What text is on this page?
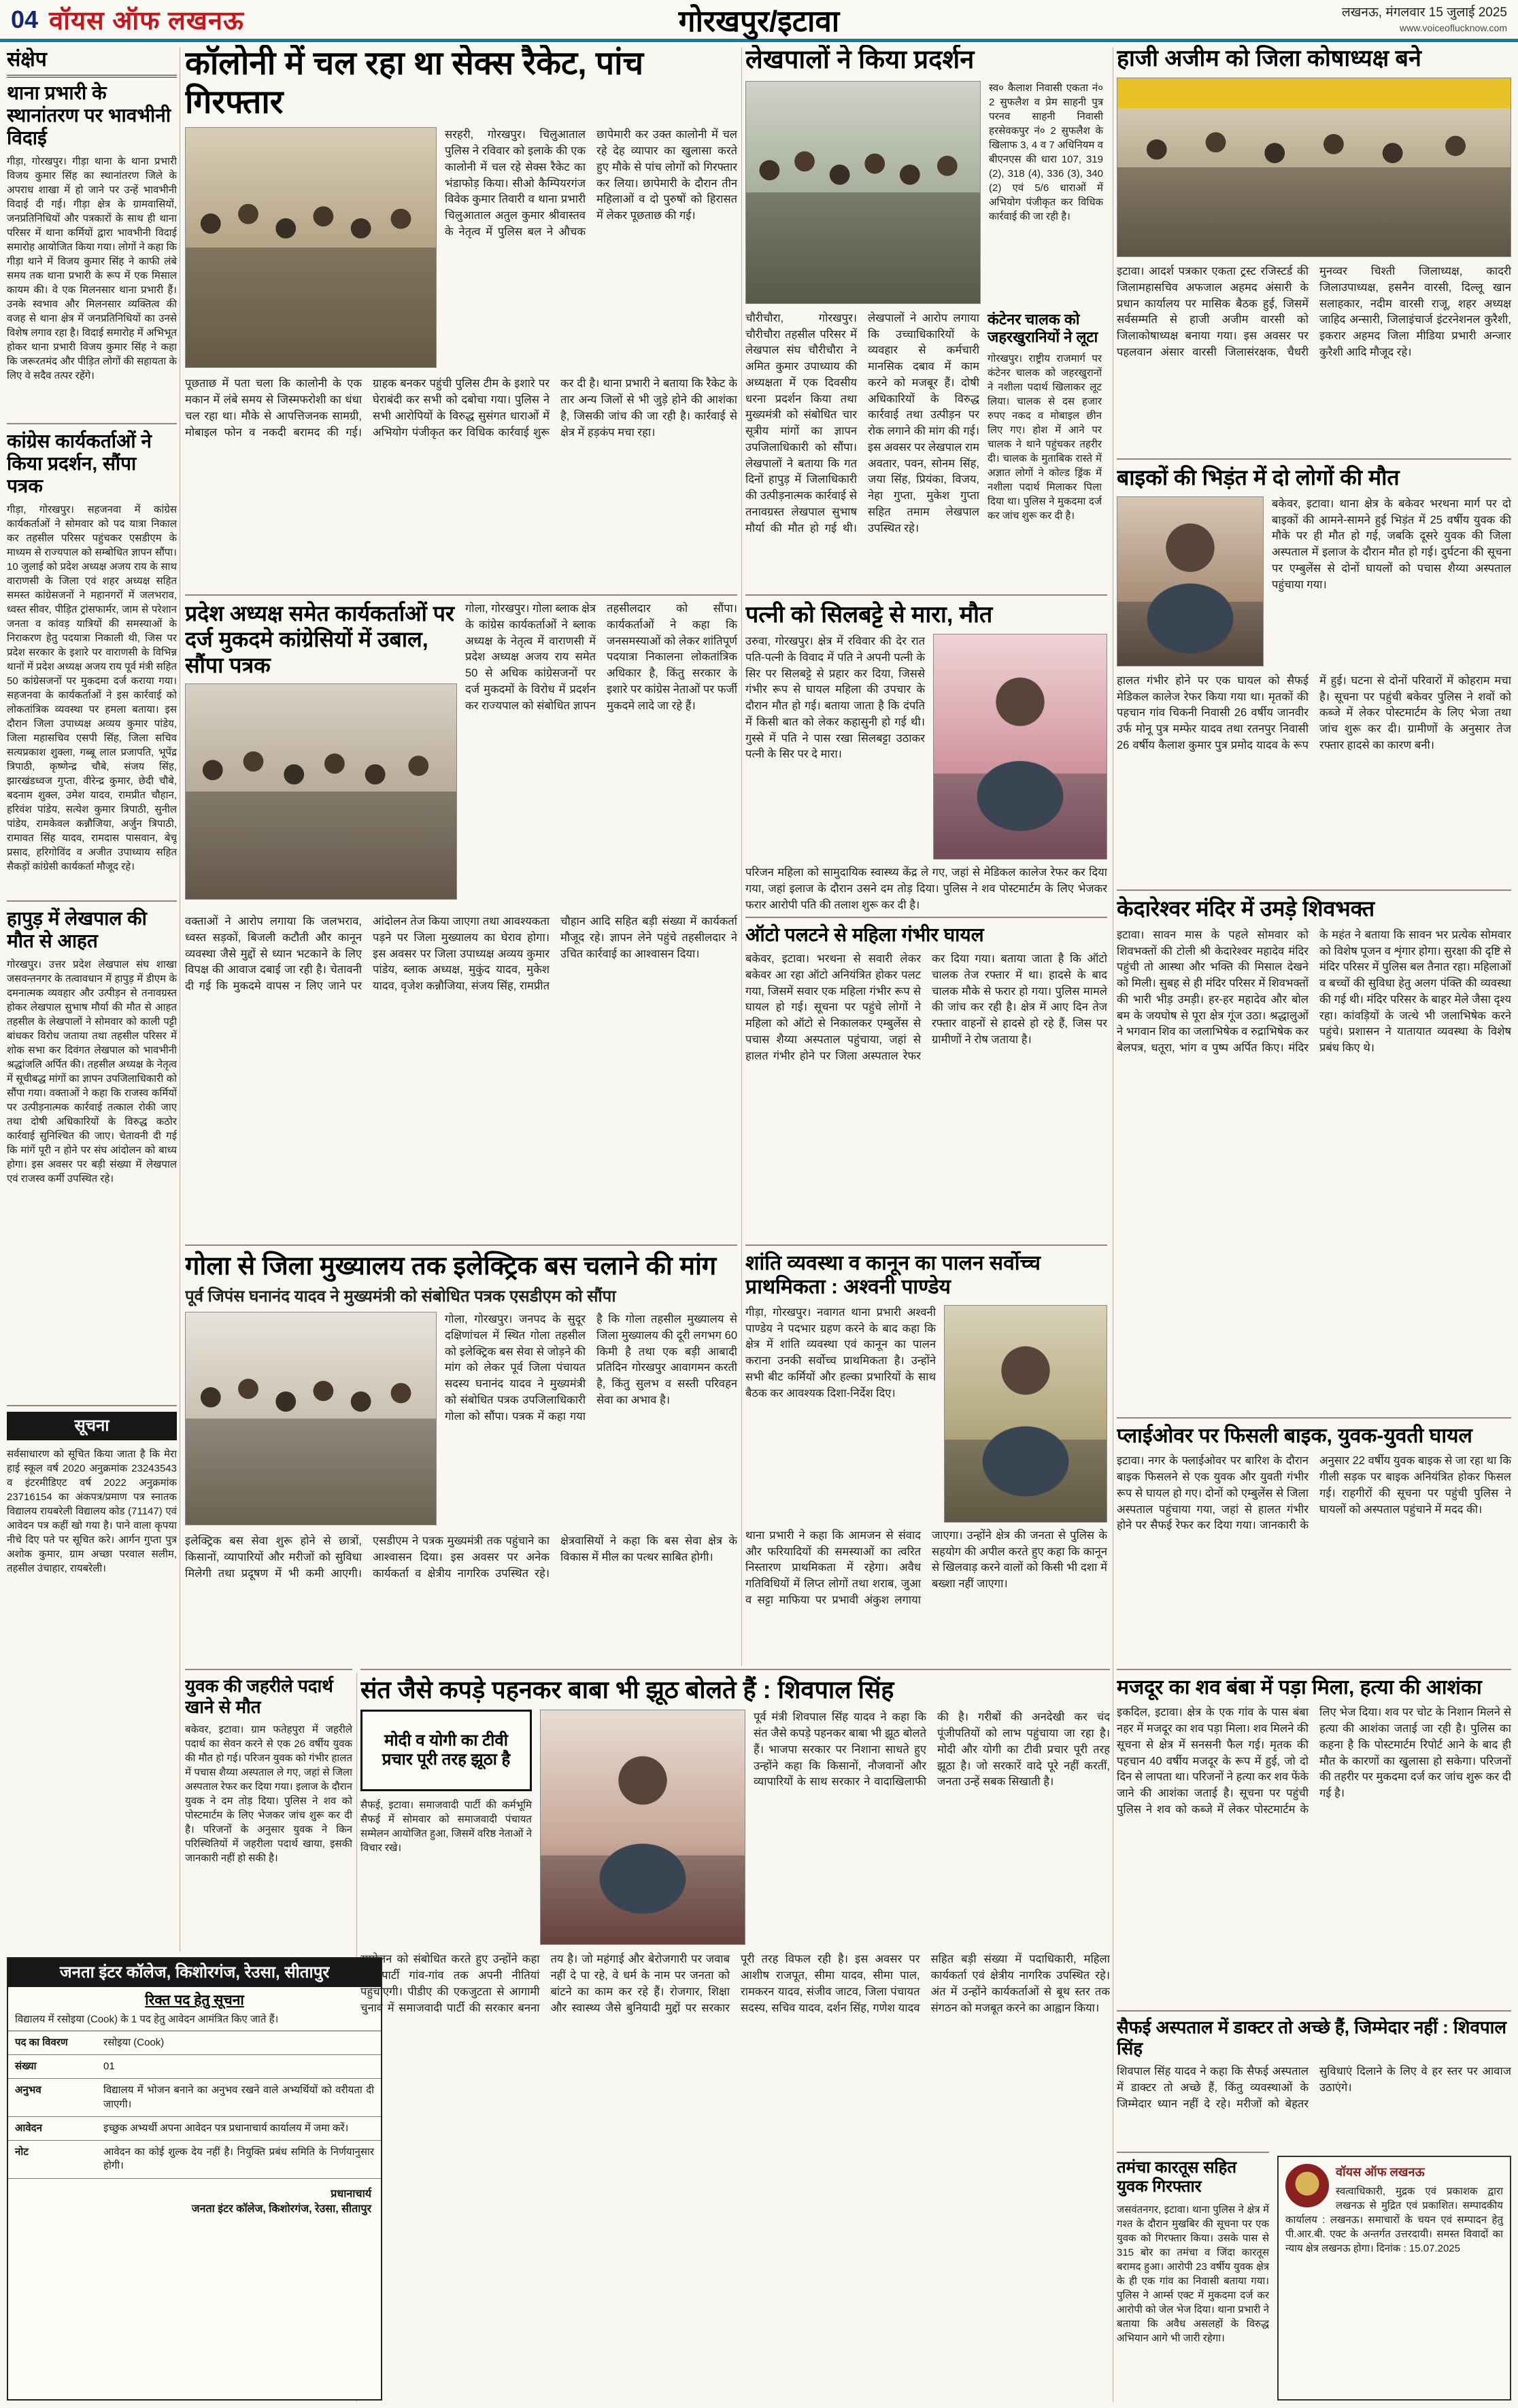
04 वॉयस ऑफ लखनऊ	गोरखपुर/इटावा	लखनऊ, मंगलवार 15 जुलाई 2025
www.voiceoflucknow.com
संक्षेप
थाना प्रभारी के स्थानांतरण पर भावभीनी विदाई
गीड़ा, गोरखपुर। गीड़ा थाना के थाना प्रभारी विजय कुमार सिंह का स्थानांतरण जिले के अपराध शाखा में हो जाने पर उन्हें भावभीनी विदाई दी गई। गीड़ा क्षेत्र के ग्रामवासियों, जनप्रतिनिधियों और पत्रकारों के साथ ही थाना परिसर में थाना कर्मियों द्वारा भावभीनी विदाई समारोह आयोजित किया गया। लोगों ने कहा कि गीड़ा थाने में विजय कुमार सिंह ने काफी लंबे समय तक थाना प्रभारी के रूप में एक मिसाल कायम की। वे एक मिलनसार थाना प्रभारी हैं। उनके स्वभाव और मिलनसार व्यक्तित्व की वजह से थाना क्षेत्र में जनप्रतिनिधियों का उनसे विशेष लगाव रहा है। विदाई समारोह में अभिभूत होकर थाना प्रभारी विजय कुमार सिंह ने कहा कि जरूरतमंद और पीड़ित लोगों की सहायता के लिए वे सदैव तत्पर रहेंगे।
कांग्रेस कार्यकर्ताओं ने किया प्रदर्शन, सौंपा पत्रक
गीड़ा, गोरखपुर। सहजनवा में कांग्रेस कार्यकर्ताओं ने सोमवार को पद यात्रा निकाल कर तहसील परिसर पहुंचकर एसडीएम के माध्यम से राज्यपाल को सम्बोधित ज्ञापन सौंपा। 10 जुलाई को प्रदेश अध्यक्ष अजय राय के साथ वाराणसी के जिला एवं शहर अध्यक्ष सहित समस्त कांग्रेसजनों ने महानगरों में जलभराव, ध्वस्त सीवर, पीड़ित ट्रांसफार्मर, जाम से परेशान जनता व कांवड़ यात्रियों की समस्याओं के निराकरण हेतु पदयात्रा निकाली थी, जिस पर प्रदेश सरकार के इशारे पर वाराणसी के विभिन्न थानों में प्रदेश अध्यक्ष अजय राय पूर्व मंत्री सहित 50 कांग्रेसजनों पर मुकदमा दर्ज कराया गया। सहजनवा के कार्यकर्ताओं ने इस कार्रवाई को लोकतांत्रिक व्यवस्था पर हमला बताया। इस दौरान जिला उपाध्यक्ष अव्यय कुमार पांडेय, जिला महासचिव एसपी सिंह, जिला सचिव सत्यप्रकाश शुक्ला, गब्बू लाल प्रजापति, भूपेंद्र त्रिपाठी, कृष्णेन्द्र चौबे, संजय सिंह, झारखंडध्वज गुप्ता, वीरेन्द्र कुमार, छेदी चौबे, बदनाम शुक्ल, उमेश यादव, रामप्रीत चौहान, हरिवंश पांडेय, सत्येश कुमार त्रिपाठी, सुनील पांडेय, रामकेवल कन्नौजिया, अर्जुन त्रिपाठी, रामावत सिंह यादव, रामदास पासवान, बेचू प्रसाद, हरिगोविंद व अजीत उपाध्याय सहित सैकड़ों कांग्रेसी कार्यकर्ता मौजूद रहे।
हापुड़ में लेखपाल की मौत से आहत
गोरखपुर। उत्तर प्रदेश लेखपाल संघ शाखा जसवन्तनगर के तत्वावधान में हापुड़ में डीएम के दमनात्मक व्यवहार और उत्पीड़न से तनावग्रस्त होकर लेखपाल सुभाष मौर्या की मौत से आहत तहसील के लेखपालों ने सोमवार को काली पट्टी बांधकर विरोध जताया तथा तहसील परिसर में शोक सभा कर दिवंगत लेखपाल को भावभीनी श्रद्धांजलि अर्पित की। तहसील अध्यक्ष के नेतृत्व में सूचीबद्ध मांगों का ज्ञापन उपजिलाधिकारी को सौंपा गया। वक्ताओं ने कहा कि राजस्व कर्मियों पर उत्पीड़नात्मक कार्रवाई तत्काल रोकी जाए तथा दोषी अधिकारियों के विरुद्ध कठोर कार्रवाई सुनिश्चित की जाए। चेतावनी दी गई कि मांगें पूरी न होने पर संघ आंदोलन को बाध्य होगा। इस अवसर पर बड़ी संख्या में लेखपाल एवं राजस्व कर्मी उपस्थित रहे।
सूचना
सर्वसाधारण को सूचित किया जाता है कि मेरा हाई स्कूल वर्ष 2020 अनुक्रमांक 23243543 व इंटरमीडिएट वर्ष 2022 अनुक्रमांक 23716154 का अंकपत्र/प्रमाण पत्र स्नातक विद्यालय रायबरेली विद्यालय कोड (71147) एवं आवेदन पत्र कहीं खो गया है। पाने वाला कृपया नीचे दिए पते पर सूचित करे। आर्गन गुप्ता पुत्र अशोक कुमार, ग्राम अच्छा परवाल सलीम, तहसील उंचाहार, रायबरेली।
जनता इंटर कॉलेज, किशोरगंज, रेउसा, सीतापुर
रिक्त पद हेतु सूचना
विद्यालय में रसोइया (Cook) के 1 पद हेतु आवेदन आमंत्रित किए जाते हैं।
पद का विवरण	रसोइया (Cook)
संख्या	01
अनुभव	विद्यालय में भोजन बनाने का अनुभव रखने वाले अभ्यर्थियों को वरीयता दी जाएगी।
आवेदन	इच्छुक अभ्यर्थी अपना आवेदन पत्र प्रधानाचार्य कार्यालय में जमा करें।
नोट	आवेदन का कोई शुल्क देय नहीं है। नियुक्ति प्रबंध समिति के निर्णयानुसार होगी।
प्रधानाचार्य
जनता इंटर कॉलेज, किशोरगंज, रेउसा, सीतापुर
कॉलोनी में चल रहा था सेक्स रैकेट, पांच गिरफ्तार
सरहरी, गोरखपुर। चिलुआताल पुलिस ने रविवार को इलाके की एक कालोनी में चल रहे सेक्स रैकेट का भंडाफोड़ किया। सीओ कैम्पियरगंज विवेक कुमार तिवारी व थाना प्रभारी चिलुआताल अतुल कुमार श्रीवास्तव के नेतृत्व में पुलिस बल ने औचक छापेमारी कर उक्त कालोनी में चल रहे देह व्यापार का खुलासा करते हुए मौके से पांच लोगों को गिरफ्तार कर लिया। छापेमारी के दौरान तीन महिलाओं व दो पुरुषों को हिरासत में लेकर पूछताछ की गई।
पूछताछ में पता चला कि कालोनी के एक मकान में लंबे समय से जिस्मफरोशी का धंधा चल रहा था। मौके से आपत्तिजनक सामग्री, मोबाइल फोन व नकदी बरामद की गई। ग्राहक बनकर पहुंची पुलिस टीम के इशारे पर घेराबंदी कर सभी को दबोचा गया। पुलिस ने सभी आरोपियों के विरुद्ध सुसंगत धाराओं में अभियोग पंजीकृत कर विधिक कार्रवाई शुरू कर दी है। थाना प्रभारी ने बताया कि रैकेट के तार अन्य जिलों से भी जुड़े होने की आशंका है, जिसकी जांच की जा रही है। कार्रवाई से क्षेत्र में हड़कंप मचा रहा।
प्रदेश अध्यक्ष समेत कार्यकर्ताओं पर दर्ज मुकदमे कांग्रेसियों में उबाल, सौंपा पत्रक
गोला, गोरखपुर। गोला ब्लाक क्षेत्र के कांग्रेस कार्यकर्ताओं ने ब्लाक अध्यक्ष के नेतृत्व में वाराणसी में प्रदेश अध्यक्ष अजय राय समेत 50 से अधिक कांग्रेसजनों पर दर्ज मुकदमों के विरोध में प्रदर्शन कर राज्यपाल को संबोधित ज्ञापन तहसीलदार को सौंपा। कार्यकर्ताओं ने कहा कि जनसमस्याओं को लेकर शांतिपूर्ण पदयात्रा निकालना लोकतांत्रिक अधिकार है, किंतु सरकार के इशारे पर कांग्रेस नेताओं पर फर्जी मुकदमे लादे जा रहे हैं।
वक्ताओं ने आरोप लगाया कि जलभराव, ध्वस्त सड़कों, बिजली कटौती और कानून व्यवस्था जैसे मुद्दों से ध्यान भटकाने के लिए विपक्ष की आवाज दबाई जा रही है। चेतावनी दी गई कि मुकदमे वापस न लिए जाने पर आंदोलन तेज किया जाएगा तथा आवश्यकता पड़ने पर जिला मुख्यालय का घेराव होगा। इस अवसर पर जिला उपाध्यक्ष अव्यय कुमार पांडेय, ब्लाक अध्यक्ष, मुकुंद यादव, मुकेश यादव, वृजेश कन्नौजिया, संजय सिंह, रामप्रीत चौहान आदि सहित बड़ी संख्या में कार्यकर्ता मौजूद रहे। ज्ञापन लेने पहुंचे तहसीलदार ने उचित कार्रवाई का आश्वासन दिया।
गोला से जिला मुख्यालय तक इलेक्ट्रिक बस चलाने की मांग
पूर्व जिपंस घनानंद यादव ने मुख्यमंत्री को संबोधित पत्रक एसडीएम को सौंपा
गोला, गोरखपुर। जनपद के सुदूर दक्षिणांचल में स्थित गोला तहसील को इलेक्ट्रिक बस सेवा से जोड़ने की मांग को लेकर पूर्व जिला पंचायत सदस्य घनानंद यादव ने मुख्यमंत्री को संबोधित पत्रक उपजिलाधिकारी गोला को सौंपा। पत्रक में कहा गया है कि गोला तहसील मुख्यालय से जिला मुख्यालय की दूरी लगभग 60 किमी है तथा एक बड़ी आबादी प्रतिदिन गोरखपुर आवागमन करती है, किंतु सुलभ व सस्ती परिवहन सेवा का अभाव है।
इलेक्ट्रिक बस सेवा शुरू होने से छात्रों, किसानों, व्यापारियों और मरीजों को सुविधा मिलेगी तथा प्रदूषण में भी कमी आएगी। एसडीएम ने पत्रक मुख्यमंत्री तक पहुंचाने का आश्वासन दिया। इस अवसर पर अनेक कार्यकर्ता व क्षेत्रीय नागरिक उपस्थित रहे। क्षेत्रवासियों ने कहा कि बस सेवा क्षेत्र के विकास में मील का पत्थर साबित होगी।
युवक की जहरीले पदार्थ खाने से मौत
बकेवर, इटावा। ग्राम फतेहपुरा में जहरीले पदार्थ का सेवन करने से एक 26 वर्षीय युवक की मौत हो गई। परिजन युवक को गंभीर हालत में पचास शैय्या अस्पताल ले गए, जहां से जिला अस्पताल रेफर कर दिया गया। इलाज के दौरान युवक ने दम तोड़ दिया। पुलिस ने शव को पोस्टमार्टम के लिए भेजकर जांच शुरू कर दी है। परिजनों के अनुसार युवक ने किन परिस्थितियों में जहरीला पदार्थ खाया, इसकी जानकारी नहीं हो सकी है।
संत जैसे कपड़े पहनकर बाबा भी झूठ बोलते हैं : शिवपाल सिंह
मोदी व योगी का टीवी प्रचार पूरी तरह झूठा है
सैफई, इटावा। समाजवादी पार्टी की कर्मभूमि सैफई में सोमवार को समाजवादी पंचायत सम्मेलन आयोजित हुआ, जिसमें वरिष्ठ नेताओं ने विचार रखे।
पूर्व मंत्री शिवपाल सिंह यादव ने कहा कि संत जैसे कपड़े पहनकर बाबा भी झूठ बोलते हैं। भाजपा सरकार पर निशाना साधते हुए उन्होंने कहा कि किसानों, नौजवानों और व्यापारियों के साथ सरकार ने वादाखिलाफी की है। गरीबों की अनदेखी कर चंद पूंजीपतियों को लाभ पहुंचाया जा रहा है। मोदी और योगी का टीवी प्रचार पूरी तरह झूठा है। जो सरकारें वादे पूरे नहीं करतीं, जनता उन्हें सबक सिखाती है।
सम्मेलन को संबोधित करते हुए उन्होंने कहा कि पार्टी गांव-गांव तक अपनी नीतियां पहुंचाएगी। पीडीए की एकजुटता से आगामी चुनाव में समाजवादी पार्टी की सरकार बनना तय है। जो महंगाई और बेरोजगारी पर जवाब नहीं दे पा रहे, वे धर्म के नाम पर जनता को बांटने का काम कर रहे हैं। रोजगार, शिक्षा और स्वास्थ्य जैसे बुनियादी मुद्दों पर सरकार पूरी तरह विफल रही है। इस अवसर पर आशीष राजपूत, सीमा यादव, सीमा पाल, रामकरन यादव, संजीव जाटव, जिला पंचायत सदस्य, सचिव यादव, दर्शन सिंह, गणेश यादव सहित बड़ी संख्या में पदाधिकारी, महिला कार्यकर्ता एवं क्षेत्रीय नागरिक उपस्थित रहे। अंत में उन्होंने कार्यकर्ताओं से बूथ स्तर तक संगठन को मजबूत करने का आह्वान किया।
लेखपालों ने किया प्रदर्शन
स्व० कैलाश निवासी एकता नं० 2 सुफलैश व प्रेम साहनी पुत्र परनव साहनी निवासी हरसेवकपुर नं० 2 सुफलैश के खिलाफ 3, 4 व 7 अधिनियम व बीएनएस की धारा 107, 319 (2), 318 (4), 336 (3), 340 (2) एवं 5/6 धाराओं में अभियोग पंजीकृत कर विधिक कार्रवाई की जा रही है।
चौरीचौरा, गोरखपुर। चौरीचौरा तहसील परिसर में लेखपाल संघ चौरीचौरा ने अमित कुमार उपाध्याय की अध्यक्षता में एक दिवसीय धरना प्रदर्शन किया तथा मुख्यमंत्री को संबोधित चार सूत्रीय मांगों का ज्ञापन उपजिलाधिकारी को सौंपा। लेखपालों ने बताया कि गत दिनों हापुड़ में जिलाधिकारी की उत्पीड़नात्मक कार्रवाई से तनावग्रस्त लेखपाल सुभाष मौर्या की मौत हो गई थी। लेखपालों ने आरोप लगाया कि उच्चाधिकारियों के व्यवहार से कर्मचारी मानसिक दबाव में काम करने को मजबूर हैं। दोषी अधिकारियों के विरुद्ध कार्रवाई तथा उत्पीड़न पर रोक लगाने की मांग की गई। इस अवसर पर लेखपाल राम अवतार, पवन, सोनम सिंह, जया सिंह, प्रियंका, विजय, नेहा गुप्ता, मुकेश गुप्ता सहित तमाम लेखपाल उपस्थित रहे।
कंटेनर चालक को जहरखुरानियों ने लूटा
गोरखपुर। राष्ट्रीय राजमार्ग पर कंटेनर चालक को जहरखुरानों ने नशीला पदार्थ खिलाकर लूट लिया। चालक से दस हजार रुपए नकद व मोबाइल छीन लिए गए। होश में आने पर चालक ने थाने पहुंचकर तहरीर दी। चालक के मुताबिक रास्ते में अज्ञात लोगों ने कोल्ड ड्रिंक में नशीला पदार्थ मिलाकर पिला दिया था। पुलिस ने मुकदमा दर्ज कर जांच शुरू कर दी है।
पत्नी को सिलबट्टे से मारा, मौत
उरुवा, गोरखपुर। क्षेत्र में रविवार की देर रात पति-पत्नी के विवाद में पति ने अपनी पत्नी के सिर पर सिलबट्टे से प्रहार कर दिया, जिससे गंभीर रूप से घायल महिला की उपचार के दौरान मौत हो गई। बताया जाता है कि दंपति में किसी बात को लेकर कहासुनी हो गई थी। गुस्से में पति ने पास रखा सिलबट्टा उठाकर पत्नी के सिर पर दे मारा।
परिजन महिला को सामुदायिक स्वास्थ्य केंद्र ले गए, जहां से मेडिकल कालेज रेफर कर दिया गया, जहां इलाज के दौरान उसने दम तोड़ दिया। पुलिस ने शव पोस्टमार्टम के लिए भेजकर फरार आरोपी पति की तलाश शुरू कर दी है।
ऑटो पलटने से महिला गंभीर घायल
बकेवर, इटावा। भरथना से सवारी लेकर बकेवर आ रहा ऑटो अनियंत्रित होकर पलट गया, जिसमें सवार एक महिला गंभीर रूप से घायल हो गई। सूचना पर पहुंचे लोगों ने महिला को ऑटो से निकालकर एम्बुलेंस से पचास शैय्या अस्पताल पहुंचाया, जहां से हालत गंभीर होने पर जिला अस्पताल रेफर कर दिया गया। बताया जाता है कि ऑटो चालक तेज रफ्तार में था। हादसे के बाद चालक मौके से फरार हो गया। पुलिस मामले की जांच कर रही है। क्षेत्र में आए दिन तेज रफ्तार वाहनों से हादसे हो रहे हैं, जिस पर ग्रामीणों ने रोष जताया है।
शांति व्यवस्था व कानून का पालन सर्वोच्च प्राथमिकता : अश्वनी पाण्डेय
गीड़ा, गोरखपुर। नवागत थाना प्रभारी अश्वनी पाण्डेय ने पदभार ग्रहण करने के बाद कहा कि क्षेत्र में शांति व्यवस्था एवं कानून का पालन कराना उनकी सर्वोच्च प्राथमिकता है। उन्होंने सभी बीट कर्मियों और हल्का प्रभारियों के साथ बैठक कर आवश्यक दिशा-निर्देश दिए।
थाना प्रभारी ने कहा कि आमजन से संवाद और फरियादियों की समस्याओं का त्वरित निस्तारण प्राथमिकता में रहेगा। अवैध गतिविधियों में लिप्त लोगों तथा शराब, जुआ व सट्टा माफिया पर प्रभावी अंकुश लगाया जाएगा। उन्होंने क्षेत्र की जनता से पुलिस के सहयोग की अपील करते हुए कहा कि कानून से खिलवाड़ करने वालों को किसी भी दशा में बख्शा नहीं जाएगा।
हाजी अजीम को जिला कोषाध्यक्ष बने
इटावा। आदर्श पत्रकार एकता ट्रस्ट रजिस्टर्ड की जिलामहासचिव अफजाल अहमद अंसारी के प्रधान कार्यालय पर मासिक बैठक हुई, जिसमें सर्वसम्मति से हाजी अजीम वारसी को जिलाकोषाध्यक्ष बनाया गया। इस अवसर पर पहलवान अंसार वारसी जिलासंरक्षक, चैधरी मुनव्वर चिश्ती जिलाध्यक्ष, कादरी जिलाउपाध्यक्ष, हसनैन वारसी, दिल्लू खान सलाहकार, नदीम वारसी राजू, शहर अध्यक्ष जाहिद अन्सारी, जिलाइंचार्ज इंटरनेशनल कुरैशी, इकरार अहमद जिला मीडिया प्रभारी अन्जार कुरैशी आदि मौजूद रहे।
बाइकों की भिड़ंत में दो लोगों की मौत
बकेवर, इटावा। थाना क्षेत्र के बकेवर भरथना मार्ग पर दो बाइकों की आमने-सामने हुई भिड़ंत में 25 वर्षीय युवक की मौके पर ही मौत हो गई, जबकि दूसरे युवक की जिला अस्पताल में इलाज के दौरान मौत हो गई। दुर्घटना की सूचना पर एम्बुलेंस से दोनों घायलों को पचास शैय्या अस्पताल पहुंचाया गया।
हालत गंभीर होने पर एक घायल को सैफई मेडिकल कालेज रेफर किया गया था। मृतकों की पहचान गांव चिकनी निवासी 26 वर्षीय जानवीर उर्फ मोनू पुत्र मम्फेर यादव तथा रतनपुर निवासी 26 वर्षीय कैलाश कुमार पुत्र प्रमोद यादव के रूप में हुई। घटना से दोनों परिवारों में कोहराम मचा है। सूचना पर पहुंची बकेवर पुलिस ने शवों को कब्जे में लेकर पोस्टमार्टम के लिए भेजा तथा जांच शुरू कर दी। ग्रामीणों के अनुसार तेज रफ्तार हादसे का कारण बनी।
केदारेश्वर मंदिर में उमड़े शिवभक्त
इटावा। सावन मास के पहले सोमवार को शिवभक्तों की टोली श्री केदारेश्वर महादेव मंदिर पहुंची तो आस्था और भक्ति की मिसाल देखने को मिली। सुबह से ही मंदिर परिसर में शिवभक्तों की भारी भीड़ उमड़ी। हर-हर महादेव और बोल बम के जयघोष से पूरा क्षेत्र गूंज उठा। श्रद्धालुओं ने भगवान शिव का जलाभिषेक व रुद्राभिषेक कर बेलपत्र, धतूरा, भांग व पुष्प अर्पित किए। मंदिर के महंत ने बताया कि सावन भर प्रत्येक सोमवार को विशेष पूजन व शृंगार होगा। सुरक्षा की दृष्टि से मंदिर परिसर में पुलिस बल तैनात रहा। महिलाओं व बच्चों की सुविधा हेतु अलग पंक्ति की व्यवस्था की गई थी। मंदिर परिसर के बाहर मेले जैसा दृश्य रहा। कांवड़ियों के जत्थे भी जलाभिषेक करने पहुंचे। प्रशासन ने यातायात व्यवस्था के विशेष प्रबंध किए थे।
प्लाईओवर पर फिसली बाइक, युवक-युवती घायल
इटावा। नगर के फ्लाईओवर पर बारिश के दौरान बाइक फिसलने से एक युवक और युवती गंभीर रूप से घायल हो गए। द‍ोनों को एम्बुलेंस से जिला अस्पताल पहुंचाया गया, जहां से हालत गंभीर होने पर सैफई रेफर कर दिया गया। जानकारी के अनुसार 22 वर्षीय युवक बाइक से जा रहा था कि गीली सड़क पर बाइक अनियंत्रित होकर फिसल गई। राहगीरों की सूचना पर पहुंची पुलिस ने घायलों को अस्पताल पहुंचाने में मदद की।
मजदूर का शव बंबा में पड़ा मिला, हत्या की आशंका
इकदिल, इटावा। क्षेत्र के एक गांव के पास बंबा नहर में मजदूर का शव पड़ा मिला। शव मिलने की सूचना से क्षेत्र में सनसनी फैल गई। मृतक की पहचान 40 वर्षीय मजदूर के रूप में हुई, जो दो दिन से लापता था। परिजनों ने हत्या कर शव फेंके जाने की आशंका जताई है। सूचना पर पहुंची पुलिस ने शव को कब्जे में लेकर पोस्टमार्टम के लिए भेज दिया। शव पर चोट के निशान मिलने से हत्या की आशंका जताई जा रही है। पुलिस का कहना है कि पोस्टमार्टम रिपोर्ट आने के बाद ही मौत के कारणों का खुलासा हो सकेगा। परिजनों की तहरीर पर मुकदमा दर्ज कर जांच शुरू कर दी गई है।
सैफई अस्पताल में डाक्टर तो अच्छे हैं, जिम्मेदार नहीं : शिवपाल सिंह
शिवपाल सिंह यादव ने कहा कि सैफई अस्पताल में डाक्टर तो अच्छे हैं, किंतु व्यवस्थाओं के जिम्मेदार ध्यान नहीं दे रहे। मरीजों को बेहतर सुविधाएं दिलाने के लिए वे हर स्तर पर आवाज उठाएंगे।
तमंचा कारतूस सहित युवक गिरफ्तार
जसवंतनगर, इटावा। थाना पुलिस ने क्षेत्र में गश्त के दौरान मुखबिर की सूचना पर एक युवक को गिरफ्तार किया। उसके पास से 315 बोर का तमंचा व जिंदा कारतूस बरामद हुआ। आरोपी 23 वर्षीय युवक क्षेत्र के ही एक गांव का निवासी बताया गया। पुलिस ने आर्म्स एक्ट में मुकदमा दर्ज कर आरोपी को जेल भेज दिया। थाना प्रभारी ने बताया कि अवैध असलहों के विरुद्ध अभियान आगे भी जारी रहेगा।
वॉयस ऑफ लखनऊ
स्वत्वाधिकारी, मुद्रक एवं प्रकाशक द्वारा लखनऊ से मुद्रित एवं प्रकाशित। सम्पादकीय कार्यालय : लखनऊ। समाचारों के चयन एवं सम्पादन हेतु पी.आर.बी. एक्ट के अन्तर्गत उत्तरदायी। समस्त विवादों का न्याय क्षेत्र लखनऊ होगा। दिनांक : 15.07.2025
